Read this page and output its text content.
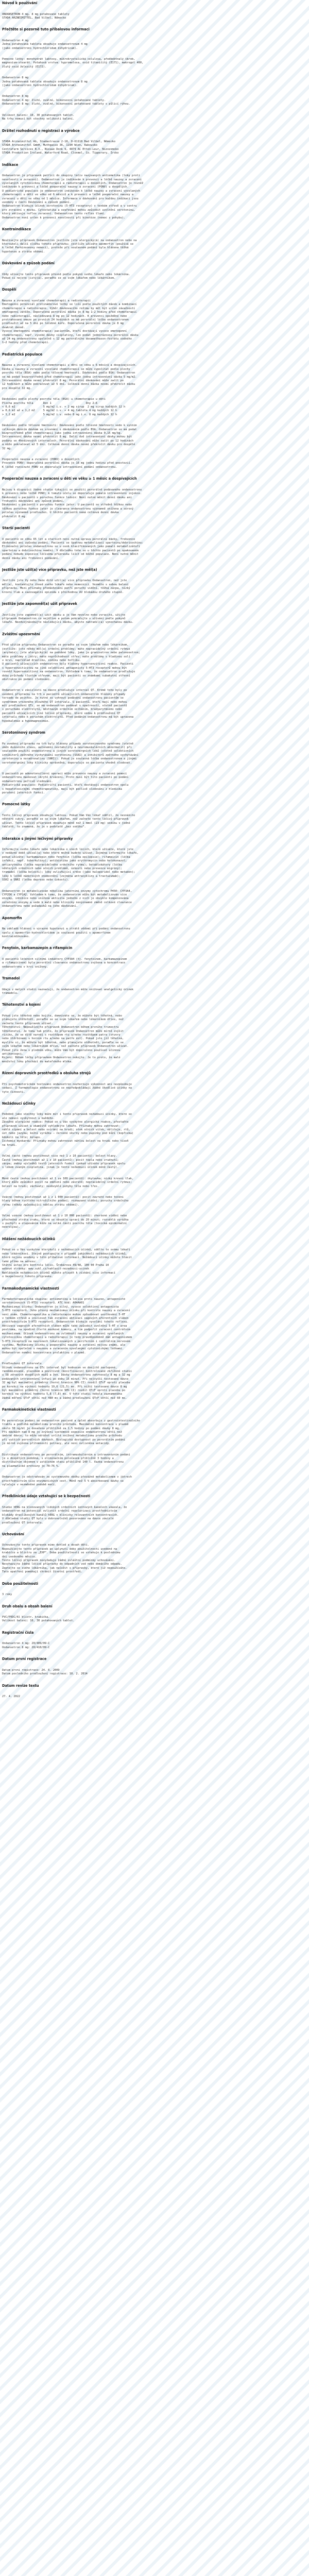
Návod k používání
ONDANSETRON 4 mg, 8 mg potahované tablety
STADA ARZNEIMITTEL, Bad Vilbel, Německo
Přečtěte si pozorně tuto příbalovou informaci
Ondansetron 4 mg
Jedna potahovaná tableta obsahuje ondansetronum 4 mg
(jako ondansetroni hydrochloridum dihydricum).
Pomocné látky: monohydrát laktosy, mikrokrystalická celulosa, předbobtnalý škrob,
magnesium-stearát. Potahová vrstva: hypromelosa, oxid titaničitý (E171), makrogol 400,
žlutý oxid železitý (E172).
Ondansetron 8 mg
Jedna potahovaná tableta obsahuje ondansetronum 8 mg
(jako ondansetroni hydrochloridum dihydricum).
Ondansetron 8 mg
Ondansetron 4 mg: žluté, oválné, bikonvexní potahované tablety.
Ondansetron 8 mg: žluté, oválné, bikonvexní potahované tablety s půlicí rýhou.
Velikost balení: 10, 30 potahovaných tablet.
Na trhu nemusí být všechny velikosti balení.
Držitel rozhodnutí o registraci a výrobce
STADA Arzneimittel AG, Stadastrasse 2-18, D-61118 Bad Vilbel, Německo
STADA Arzneimittel GmbH, Muthgasse 36, 1190 Wien, Rakousko
Centrafarm Services B.V., Nieuwe Donk 9, 4879 AC Etten-Leur, Nizozemsko
STADA Production Ireland, Waterford Road, Clonmel, Co. Tipperary, Irsko
Indikace
Ondansetron je přípravek patřící do skupiny léčiv nazývaných antiemetika (léky proti
nevolnosti a zvracení). Ondansetron je indikován k prevenci a léčbě nauzey a zvracení
vyvolaných cytotoxickou chemoterapií a radioterapií u dospělých. Ondansetron je rovněž
indikován k prevenci a léčbě pooperační nauzey a zvracení (PONV) u dospělých.
U pediatrické populace je ondansetron indikován k léčbě nauzey a zvracení vyvolaných
chemoterapií u dětí ve věku od 6 měsíců a k prevenci a léčbě pooperační nauzey a
zvracení u dětí ve věku od 1 měsíce. Informace o dávkování pro každou indikaci jsou
uvedeny v části Dávkování a způsob podání.
Ondansetron blokuje účinek serotoninu (5-HT3 receptory) v tenkém střevě a v centru
pro zvracení v mozku. Cytostatika a ozařování mohou způsobit uvolnění serotoninu,
který aktivuje reflex zvracení. Ondansetron tento reflex tlumí.
Ondansetron není určen k prevenci nevolnosti při kinetóze (nemoc z pohybu).
Kontraindikace
Neužívejte přípravek Ondansetron jestliže jste alergický(á) na ondansetron nebo na
kteroukoli další složku tohoto přípravku; jestliže užíváte apomorfin (používá se
k léčbě Parkinsonovy nemoci), protože při současném podání byla hlášena těžká
hypotenze a ztráta vědomí.
Dávkování a způsob podání
Vždy užívejte tento přípravek přesně podle pokynů svého lékaře nebo lékárníka.
Pokud si nejste jistý(á), poraďte se se svým lékařem nebo lékárníkem.
Dospělí
Nauzea a zvracení vyvolané chemoterapií a radioterapií
Emetogenní potenciál protinádorové léčby se liší podle použitých dávek a kombinací
chemoterapie a radioterapie. Výběr dávkovacího režimu by měl být určen závažností
emetogenní zátěže. Doporučená perorální dávka je 8 mg 1–2 hodiny před chemoterapií
nebo radioterapií, následovaná 8 mg po 12 hodinách. K prevenci opožděné nebo
protrahované emeze po prvních 24 hodinách se má perorální léčba ondansetronem
prodloužit až na 5 dní po léčebné kúře. Doporučená perorální dávka je 8 mg
dvakrát denně.
Vysoce emetogenní chemoterapie: pacientům, kteří dostávají vysoce emetogenní
chemoterapii, např. vysoké dávky cisplatiny, lze podat jednorázovou perorální dávku
až 24 mg ondansetronu společně s 12 mg perorálního dexamethason-fosfátu sodného
1–2 hodiny před chemoterapií.
Pediatrická populace
Nauzea a zvracení vyvolané chemoterapií u dětí ve věku ≥ 6 měsíců a dospívajících.
Dávka u nauzey a zvracení vyvolané chemoterapií se může vypočítat podle plochy
povrchu těla (BSA) nebo podle tělesné hmotnosti. Dávkování podle BSA: Ondansetron
se má podat bezprostředně před chemoterapií jako jedna intravenózní dávka 5 mg/m2.
Intravenózní dávka nesmí překročit 8 mg. Perorální dávkování může začít po
12 hodinách a může pokračovat až 5 dní. Celková denní dávka nesmí překročit dávku
pro dospělé 32 mg.
Dávkování podle plochy povrchu těla (BSA) u chemoterapie u dětí
Plocha povrchu těla      Den 1                     Dny 2–6
< 0,6 m2                 5 mg/m2 i.v. + 2 mg sirup  2 mg sirup každých 12 h
≥ 0,6 m2 až ≤ 1,2 m2     5 mg/m2 i.v. + 4 mg tableta 4 mg každých 12 h
> 1,2 m2                 5 mg/m2 i.v. nebo 8 mg i.v. 8 mg každých 12 h
Dávkování podle tělesné hmotnosti: Dávkování podle tělesné hmotnosti vede k vyšším
celkovým denním dávkám ve srovnání s dávkováním podle BSA. Ondansetron se má podat
bezprostředně před chemoterapií jako jedna intravenózní dávka 0,15 mg/kg.
Intravenózní dávka nesmí překročit 8 mg. Další dvě intravenózní dávky mohou být
podány ve 4hodinových intervalech. Perorální dávkování může začít po 12 hodinách
a může pokračovat až 5 dní. Celková denní dávka nesmí překročit dávku pro dospělé
32 mg.
Pooperační nauzea a zvracení (PONV) u dospělých
Prevence PONV: doporučená perorální dávka je 16 mg jednu hodinu před anestezií.
K léčbě rozvinuté PONV se doporučuje intravenózní podání ondansetronu.
Pooperační nauzea a zvracení u dětí ve věku ≥ 1 měsíc a dospívajících
Nejsou k dispozici žádné studie týkající se použití perorálně podávaného ondansetronu
k prevenci nebo léčbě PONV; k tomuto účelu se doporučuje pomalá intravenózní injekce.
Dávkování u pacientů s poruchou funkce ledvin: Není nutné měnit denní dávku ani
frekvenci dávkování ani způsob podání.
Dávkování u pacientů s poruchou funkce jater: U pacientů se středně těžkou nebo
těžkou poruchou funkce jater je clearance ondansetronu významně snížena a sérový
poločas významně prodloužen. U těchto pacientů nemá celková denní dávka
překročit 8 mg.
Starší pacienti
U pacientů ve věku 65 let a starších není nutná úprava perorální dávky, frekvence
dávkování ani způsobu podání. Pacienti se špatnou metabolizací sparteinu/debrisochinu:
Eliminační poločas ondansetronu se u osob klasifikovaných jako pomalí metabolizátoři
sparteinu a debrisochinu nemění. V důsledku toho se u těchto pacientů po opakovaném
podání nebude expozice léčivému přípravku lišit od běžné populace. Není nutné měnit
denní dávku ani frekvenci podávání.
Jestliže jste užil(a) více přípravku, než jste měl(a)
Jestliže jste Vy nebo Vaše dítě užil(a) více přípravku Ondansetron, než jste
měl(a), kontaktujte ihned svého lékaře nebo nemocnici. Vezměte s sebou balení
přípravku. Mezi příznaky předávkování patří poruchy vidění, těžká zácpa, nízký
krevní tlak a vazovagální epizoda s přechodnou AV blokádou druhého stupně.
Jestliže jste zapomněl(a) užít přípravek
Jestliže jste zapomněl(a) užít dávku a je Vám nevolno nebo zvracíte, užijte
přípravek Ondansetron co nejdříve a potom pokračujte v užívání podle pokynů
lékaře. Nezdvojnásobujte následující dávku, abyste nahradil(a) vynechanou dávku.
Zvláštní upozornění
Před užitím přípravku Ondansetron se poraďte se svým lékařem nebo lékárníkem,
jestliže: jste někdy měl(a) srdeční problémy; máte nepravidelný srdeční rytmus
(arytmie); jste alergický(á) na podobné léky, jako je granisetron nebo palonosetron;
máte problémy s játry; máte neprůchodnost střev; máte problémy s hladinou solí
v krvi, například draslíku, sodíku nebo hořčíku.
U pacientů užívajících ondansetron byly hlášeny hypersenzitivní reakce. Pacienti
s hypersenzitivitou na jiné selektivní antagonisty 5-HT3 receptorů mohou být
rovněž hypersenzitivní na ondansetron. Vzhledem k tomu, že ondansetron prodlužuje
dobu průchodu tlustým střevem, mají být pacienti se známkami subakutní střevní
obstrukce po podání sledováni.
Ondansetron v závislosti na dávce prodlužuje interval QT. Kromě toho byly po
uvedení přípravku na trh u pacientů užívajících ondansetron hlášeny případy
torsade de pointes. Je nutné se vyhnout podávání ondansetronu pacientům se
syndromem vrozeného dlouhého QT intervalu. U pacientů, kteří mají nebo mohou
mít prodloužení QTc, se má ondansetron podávat s opatrností, včetně pacientů
s poruchami elektrolytů, městnavým srdečním selháním, bradyarytmiemi nebo
pacientů užívajících jiné léčivé přípravky, které vedou k prodloužení QT
intervalu nebo k poruchám elektrolytů. Před podáním ondansetronu má být upravena
hypokalemie a hypomagnesemie.
Serotoninový syndrom
Po uvedení přípravku na trh byly hlášeny případy serotoninového syndromu (včetně
změn duševního stavu, autonomní nestability a neuromuskulárních abnormalit) při
současném použití ondansetronu a jiných serotonergních léků (včetně selektivních
inhibitorů zpětného vychytávání serotoninu (SSRI) a inhibitorů zpětného vychytávání
serotoninu a noradrenalinu (SNRI)). Pokud je současná léčba ondansetronem a jinými
serotonergními léky klinicky oprávněná, doporučuje se pacienta vhodně sledovat.
U pacientů po adenotonsilární operaci může prevence nauzey a zvracení pomocí
ondansetronu maskovat skryté krvácení. Proto musí být tito pacienti po podání
ondansetronu pečlivě sledováni.
Pediatrická populace: Pediatričtí pacienti, kteří dostávají ondansetron spolu
s hepatotoxickými chemoterapeutiky, mají být pečlivě sledováni z hlediska
porušení jaterních funkcí.
Pomocné látky
Tento léčivý přípravek obsahuje laktosu. Pokud Vám Váš lékař sdělil, že nesnášíte
některé cukry, poraďte se se svým lékařem, než začnete tento léčivý přípravek
užívat. Tento léčivý přípravek obsahuje méně než 1 mmol (23 mg) sodíku v jedné
tabletě, to znamená, že je v podstatě „bez sodíku“.
Interakce s jinými léčivými přípravky
Informujte svého lékaře nebo lékárníka o všech lécích, které užíváte, které jste
v nedávné době užíval(a) nebo které možná budete užívat. Zejména informujte lékaře,
pokud užíváte: karbamazepin nebo fenytoin (léčba epilepsie); rifampicin (léčba
infekcí, např. tuberkulózy); antibiotika jako erythromycin nebo ketokonazol;
antiarytmika (léčba nepravidelného srdečního rytmu); betablokátory (léčba
některých srdečních nebo očních problémů, úzkosti nebo prevence migrény);
tramadol (léčba bolesti); léky ovlivňující srdce (jako haloperidol nebo metadon);
léky k léčbě nádorových onemocnění (zejména antracykliny a trastuzumab);
SSRI a SNRI (léčba deprese nebo úzkosti).
Ondansetron je metabolizován několika jaterními enzymy cytochromu P450: CYP3A4,
CYP2D6 a CYP1A2. Vzhledem k tomu, že ondansetron může být metabolizován více
enzymy, inhibice nebo snížená aktivita jednoho z nich je obvykle kompenzována
ostatními enzymy a vede k malé nebo klinicky nevýznamné změně celkové clearance
ondansetronu nebo požadavků na jeho dávkování.
Apomorfin
Na základě hlášení o výrazné hypotenzi a ztrátě vědomí při podání ondansetronu
spolu s apomorfin-hydrochloridem je současné použití s apomorfinem
kontraindikováno.
Fenytoin, karbamazepin a rifampicin
U pacientů léčených silnými induktory CYP3A4 (tj. fenytoinem, karbamazepinem
a rifampicinem) byla perorální clearance ondansetronu zvýšena a koncentrace
ondansetronu v krvi sníženy.
Tramadol
Údaje z malých studií naznačují, že ondansetron může snižovat analgetický účinek
tramadolu.
Těhotenství a kojení
Pokud jste těhotná nebo kojíte, domníváte se, že můžete být těhotná, nebo
plánujete otěhotnět, poraďte se se svým lékařem nebo lékárníkem dříve, než
začnete tento přípravek užívat.
Těhotenství: Nepoužívejte přípravek Ondansetron během prvního trimestru
těhotenství. Je tomu tak proto, že přípravek Ondansetron může mírně zvýšit
riziko, že se dítě narodí s rozštěpem rtu a/nebo rozštěpem patra (otvory
nebo štěrbinami v horním rtu a/nebo na patře úst). Pokud jste již těhotná,
myslíte si, že můžete být těhotná, nebo plánujete otěhotnět, poraďte se se
svým lékařem nebo lékárníkem dříve, než začnete přípravek Ondansetron užívat.
Pokud jste žena v plodném věku, může Vám být doporučeno používat účinnou
antikoncepci.
Kojení: Během léčby přípravkem Ondansetron nekojte. Je to proto, že malé
množství léku přechází do mateřského mléka.
Řízení dopravních prostředků a obsluha strojů
Při psychomotorickém testování ondansetron nezhoršuje výkonnost ani nezpůsobuje
sedaci. Z farmakologie ondansetronu se nepředpokládají žádné škodlivé účinky na
tyto činnosti.
Nežádoucí účinky
Podobně jako všechny léky může mít i tento přípravek nežádoucí účinky, které se
ale nemusí vyskytnout u každého.
Závažné alergické reakce: Pokud se u Vás vyskytne alergická reakce, přestaňte
přípravek užívat a okamžitě vyhledejte lékaře. Příznaky mohou zahrnovat:
náhlé sípání a bolest nebo svírání na hrudi; otok očních víček, obličeje, rtů,
úst nebo jazyka; kožní vyrážku – červené skvrny nebo pupínky pod kůží (kopřivka)
kdekoli na těle; kolaps.
Ischemie myokardu: Příznaky mohou zahrnovat náhlou bolest na hrudi nebo tíseň
na hrudi.
Velmi časté (mohou postihnout více než 1 z 10 pacientů): bolest hlavy.
Časté (mohou postihnout až 1 z 10 pacientů): pocit tepla nebo zrudnutí;
zácpa; změny výsledků testů jaterních funkcí (pokud užíváte přípravek spolu
s lékem zvaným cisplatina, jinak je tento nežádoucí účinek méně častý).
Méně časté (mohou postihnout až 1 ze 100 pacientů): škytavka; nízký krevní tlak,
který může způsobit pocit na omdlení nebo závratě; nepravidelný srdeční rytmus;
bolest na hrudi; záchvaty; neobvyklé pohyby těla nebo třes.
Vzácné (mohou postihnout až 1 z 1 000 pacientů): pocit závratě nebo točení
hlavy během rychlého nitrožilního podání; rozmazané vidění; poruchy srdečního
rytmu (někdy způsobující náhlou ztrátu vědomí).
Velmi vzácné (mohou postihnout až 1 z 10 000 pacientů): zhoršené vidění nebo
přechodná ztráta zraku, která se obvykle upraví do 20 minut; rozsáhlá vyrážka
s puchýři a olupováním kůže na velké části povrchu těla (toxická epidermální
nekrolýza).
Hlášení nežádoucích účinků
Pokud se u Vás vyskytne kterýkoli z nežádoucích účinků, sdělte to svému lékaři
nebo lékárníkovi. Stejně postupujte v případě jakýchkoli nežádoucích účinků,
které nejsou uvedeny v této příbalové informaci. Nežádoucí účinky můžete hlásit
také přímo na adresu:
Státní ústav pro kontrolu léčiv, Šrobárova 49/48, 100 00 Praha 10
webové stránky: www.sukl.cz/nahlasit-nezadouci-ucinek
Nahlášením nežádoucích účinků můžete přispět k získání více informací
o bezpečnosti tohoto přípravku.
Farmakodynamické vlastnosti
Farmakoterapeutická skupina: antiemetika a léčiva proti nauzee, antagonisté
serotoninových (5-HT3) receptorů. ATC kód: A04AA01
Mechanismus účinku: Ondansetron je silný, vysoce selektivní antagonista
5-HT3 receptorů. Jeho přesný mechanismus účinku při kontrole nauzey a zvracení
není znám. Chemoterapeutika a radioterapie mohou způsobovat uvolňování 5-HT
v tenkém střevě a iniciovat tak zvracení aktivací vagových aferentních vláken
prostřednictvím 5-HT3 receptorů. Ondansetron blokuje vyvolání tohoto reflexu.
Aktivace vagových aferentních vláken může také způsobit uvolnění 5-HT v area
postrema, na spodině čtvrté mozkové komory, a tím podpořit zvracení centrálním
mechanismem. Účinek ondansetronu na zvládnutí nauzey a zvracení vyvolaných
cytotoxickou chemoterapií a radioterapií je tedy pravděpodobně dán antagonismem
5-HT3 receptorů na neuronech lokalizovaných v periferním i centrálním nervovém
systému. Mechanismy účinku u pooperační nauzey a zvracení nejsou známy, ale
mohou být společné s nauzeou a zvracením vyvolanými cytotoxickými látkami.
Ondansetron nemění koncentrace prolaktinu v plazmě.
Prodloužení QT intervalu
Účinek ondansetronu na QTc interval byl hodnocen ve dvojitě zaslepené,
randomizované, placebem a pozitivně (moxifloxacin) kontrolované zkřížené studii
u 58 zdravých dospělých mužů a žen. Dávky ondansetronu zahrnovaly 8 mg a 32 mg
podávaných intravenózní infuzí po dobu 15 minut. Při nejvyšší testované dávce
32 mg byl maximální průměrný (horní hranice 90% CI) rozdíl QTcF oproti placebu
po korekci na výchozí hodnotu 19,6 (21,5) ms. Při nižší testované dávce 8 mg
byl maximální průměrný (horní hranice 90% CI) rozdíl QTcF oproti placebu po
korekci na výchozí hodnotu 5,8 (7,8) ms. V této studii nebyla zaznamenána
žádná měření QTcF větší než 480 ms a žádné prodloužení QTcF větší než 60 ms.
Farmakokinetické vlastnosti
Po perorálním podání se ondansetron pasivně a úplně absorbuje z gastrointestinálního
traktu a podléhá metabolismu prvního průchodu. Maximální koncentrace v plazmě
okolo 30 ng/ml je dosaženo přibližně za 1,5 hodiny po podání dávky 8 mg.
Při dávkách nad 8 mg je zvýšení systémové expozice ondansetronu větší než
úměrné dávce; to může odrážet určité snížení metabolismu prvního průchodu
při vyšších perorálních dávkách. Biologická dostupnost po perorálním podání
je mírně zvýšena přítomností potravy, ale není ovlivněna antacidy.
Distribuce ondansetronu po perorálním, intramuskulárním a intravenózním podání
je u dospělých podobná, s eliminačním poločasem přibližně 3 hodiny a
distribučním objemem v ustáleném stavu přibližně 140 l. Vazba ondansetronu
na plazmatické proteiny je 70–76 %.
Ondansetron je odstraňován ze systémového oběhu převážně metabolismem v játrech
prostřednictvím více enzymatických cest. Méně než 5 % absorbované dávky se
vylučuje v nezměněné podobě močí.
Předklinické údaje vztahující se k bezpečnosti
Studie hERG na klonovaných lidských srdečních iontových kanálech ukázala, že
ondansetron má potenciál ovlivnit srdeční repolarizaci prostřednictvím
blokády draslíkových kanálů hERG v klinicky relevantních koncentracích.
V důkladné studii QT bylo u dobrovolníků pozorováno na dávce závislé
prodloužení QT intervalu.
Uchovávání
Uchovávejte tento přípravek mimo dohled a dosah dětí.
Nepoužívejte tento přípravek po uplynutí doby použitelnosti uvedené na
krabičce a blistru za „EXP“. Doba použitelnosti se vztahuje k poslednímu
dni uvedeného měsíce.
Tento léčivý přípravek nevyžaduje žádné zvláštní podmínky uchovávání.
Nevyhazujte žádné léčivé přípravky do odpadních vod nebo domácího odpadu.
Zeptejte se svého lékárníka, jak naložit s přípravky, které již nepoužíváte.
Tato opatření pomáhají chránit životní prostředí.
Doba použitelnosti
3 roky
Druh obalu a obsah balení
PVC/PVDC/Al blistr, krabička.
Velikost balení: 10, 30 potahovaných tablet.
Registrační čísla
Ondansetron 4 mg: 20/409/09-C
Ondansetron 8 mg: 20/410/09-C
Datum první registrace
Datum první registrace: 24. 6. 2009
Datum posledního prodloužení registrace: 18. 2. 2014
Datum revize textu
27. 4. 2022
